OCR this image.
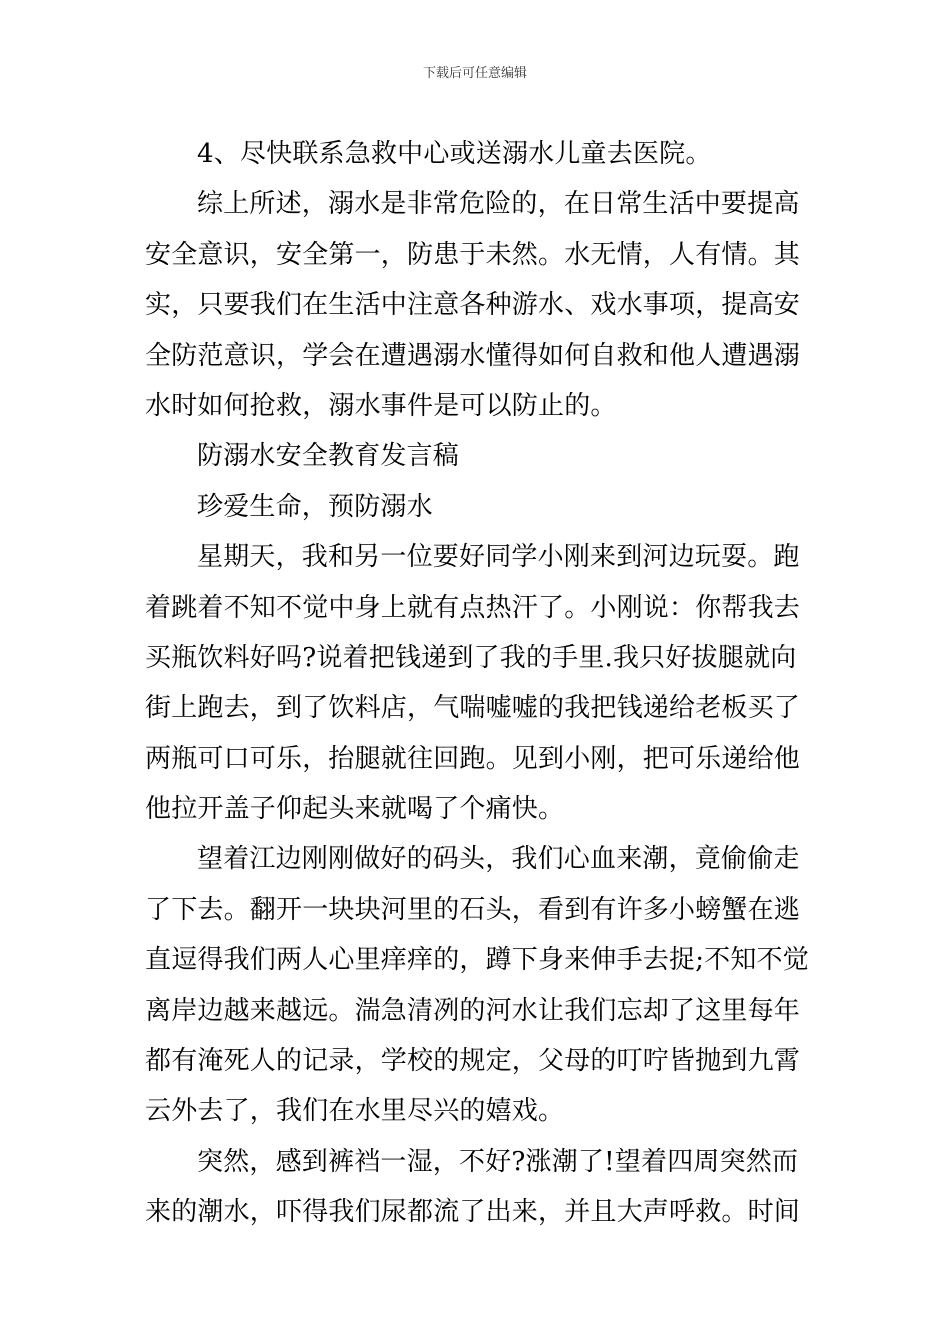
下载后可任意编辑
4、尽快联系急救中心或送溺水儿童去医院。
综上所述，溺水是非常危险的，在日常生活中要提高
安全意识，安全第一，防患于未然。水无情，人有情。其
实，只要我们在生活中注意各种游水、戏水事项，提高安
全防范意识，学会在遭遇溺水懂得如何自救和他人遭遇溺
水时如何抢救，溺水事件是可以防止的。
防溺水安全教育发言稿
珍爱生命，预防溺水
星期天，我和另一位要好同学小刚来到河边玩耍。跑
着跳着不知不觉中身上就有点热汗了。小刚说：你帮我去
买瓶饮料好吗?说着把钱递到了我的手里.我只好拔腿就向
街上跑去，到了饮料店，气喘嘘嘘的我把钱递给老板买了
两瓶可口可乐，抬腿就往回跑。见到小刚，把可乐递给他
他拉开盖子仰起头来就喝了个痛快。
望着江边刚刚做好的码头，我们心血来潮，竟偷偷走
了下去。翻开一块块河里的石头，看到有许多小螃蟹在逃
直逗得我们两人心里痒痒的，蹲下身来伸手去捉;不知不觉
离岸边越来越远。湍急清冽的河水让我们忘却了这里每年
都有淹死人的记录，学校的规定，父母的叮咛皆抛到九霄
云外去了，我们在水里尽兴的嬉戏。
突然，感到裤裆一湿，不好?涨潮了!望着四周突然而
来的潮水，吓得我们尿都流了出来，并且大声呼救。时间
